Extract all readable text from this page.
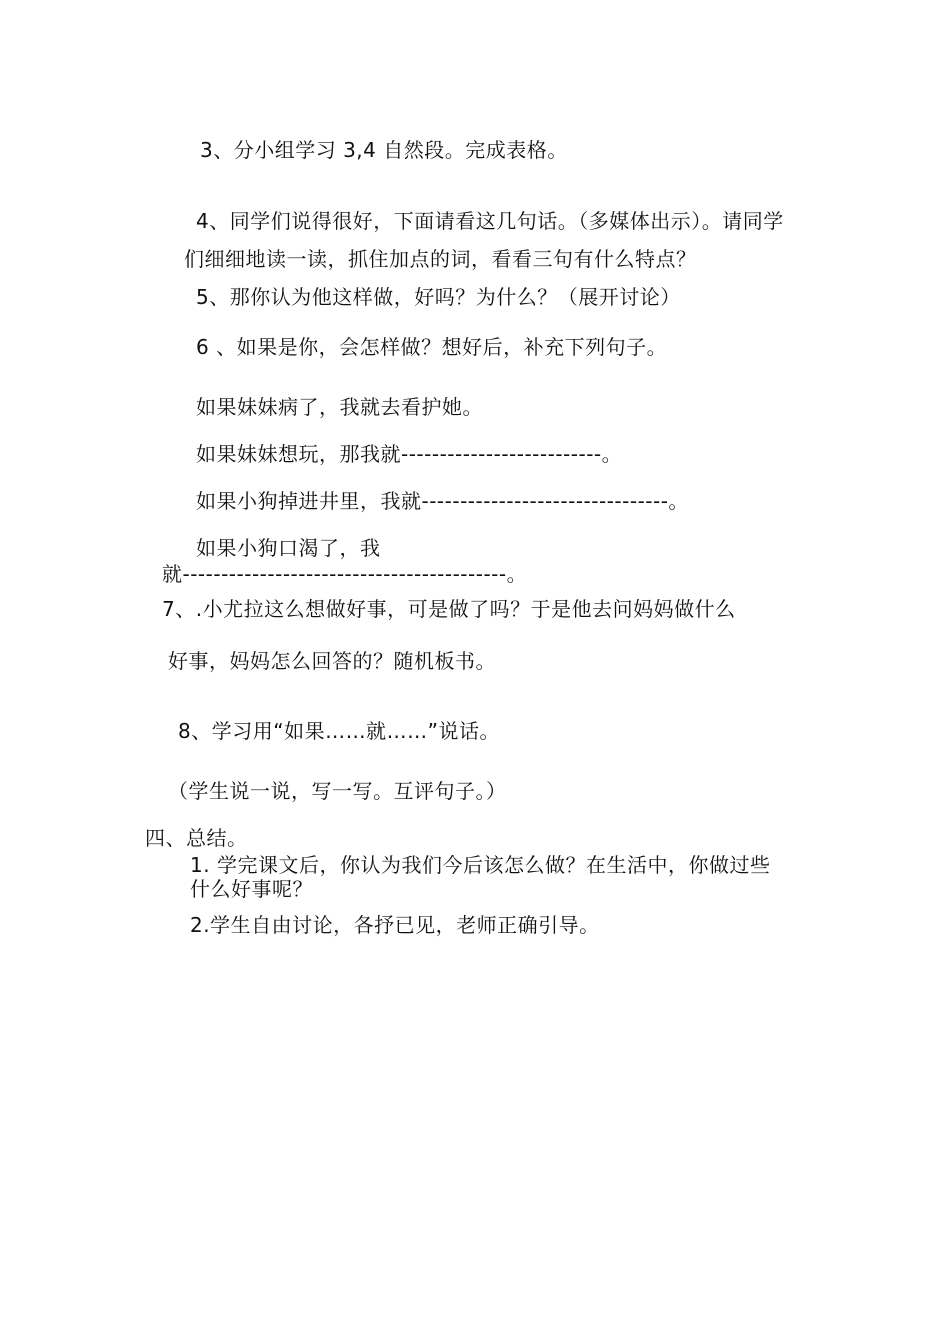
3、分小组学习 3,4 自然段。完成表格。
4、同学们说得很好，下面请看这几句话。（多媒体出示）。请同学
们细细地读一读，抓住加点的词，看看三句有什么特点？
5、那你认为他这样做，好吗？为什么？（展开讨论）
6 、如果是你，会怎样做？想好后，补充下列句子。
如果妹妹病了，我就去看护她。
如果妹妹想玩，那我就--------------------------。
如果小狗掉进井里，我就--------------------------------。
如果小狗口渴了，我
就------------------------------------------。
7、.小尤拉这么想做好事，可是做了吗？于是他去问妈妈做什么
好事，妈妈怎么回答的？随机板书。
8、学习用“如果……就……”说话。
（学生说一说，写一写。互评句子。）
四、总结。
1. 学完课文后，你认为我们今后该怎么做？在生活中，你做过些
什么好事呢？
2.学生自由讨论，各抒已见，老师正确引导。
